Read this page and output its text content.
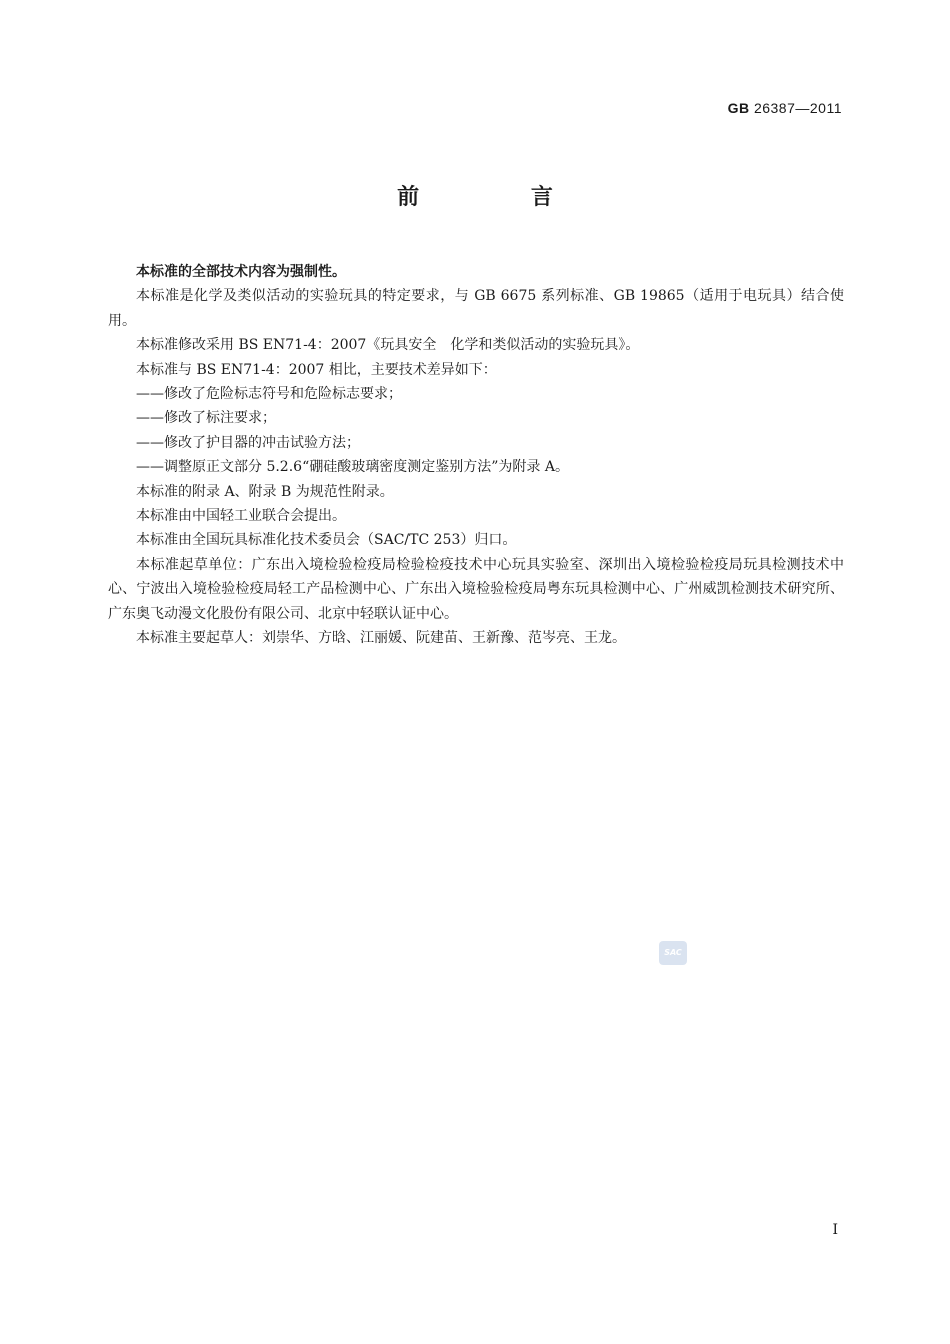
GB 26387—2011
前 言

本标准的全部技术内容为强制性。

本标准是化学及类似活动的实验玩具的特定要求，与 GB 6675 系列标准、GB 19865（适用于电玩具）结合使用。

本标准修改采用 BS EN71-4：2007《玩具安全　化学和类似活动的实验玩具》。

本标准与 BS EN71-4：2007 相比，主要技术差异如下：

——修改了危险标志符号和危险标志要求；

——修改了标注要求；

——修改了护目器的冲击试验方法；

——调整原正文部分 5.2.6“硼硅酸玻璃密度测定鉴别方法”为附录 A。

本标准的附录 A、附录 B 为规范性附录。

本标准由中国轻工业联合会提出。

本标准由全国玩具标准化技术委员会（SAC/TC 253）归口。

本标准起草单位：广东出入境检验检疫局检验检疫技术中心玩具实验室、深圳出入境检验检疫局玩具检测技术中心、宁波出入境检验检疫局轻工产品检测中心、广东出入境检验检疫局粤东玩具检测中心、广州威凯检测技术研究所、广东奥飞动漫文化股份有限公司、北京中轻联认证中心。

本标准主要起草人：刘崇华、方晗、江丽媛、阮建苗、王新豫、范岑亮、王龙。

SAC
I
